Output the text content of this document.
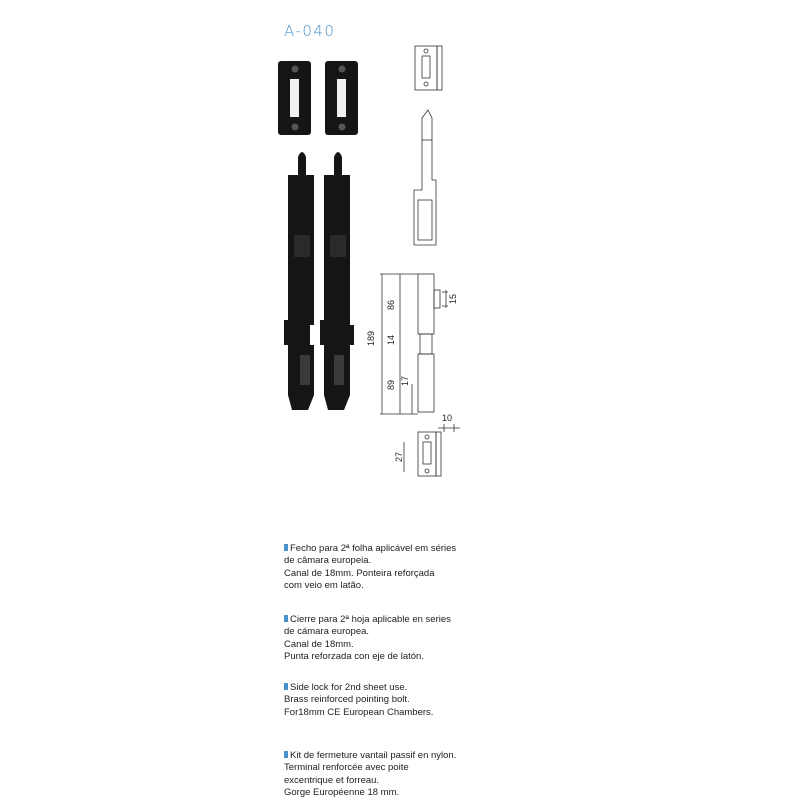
A-040
189
86
14
89 17
15
10
27
Fecho para 2ª folha aplicável em séries
de câmara europeia.
Canal de 18mm. Ponteira reforçada
com veio em latão.
Cierre para 2ª hoja aplicable en series
de cámara europea.
Canal de 18mm.
Punta reforzada con eje de latón.
Side lock for 2nd sheet use.
Brass reinforced pointing bolt.
For18mm CE European Chambers.
Kit de fermeture vantail passif en nylon.
Terminal renforcée avec poite
excentrique et forreau.
Gorge Européenne 18 mm.
